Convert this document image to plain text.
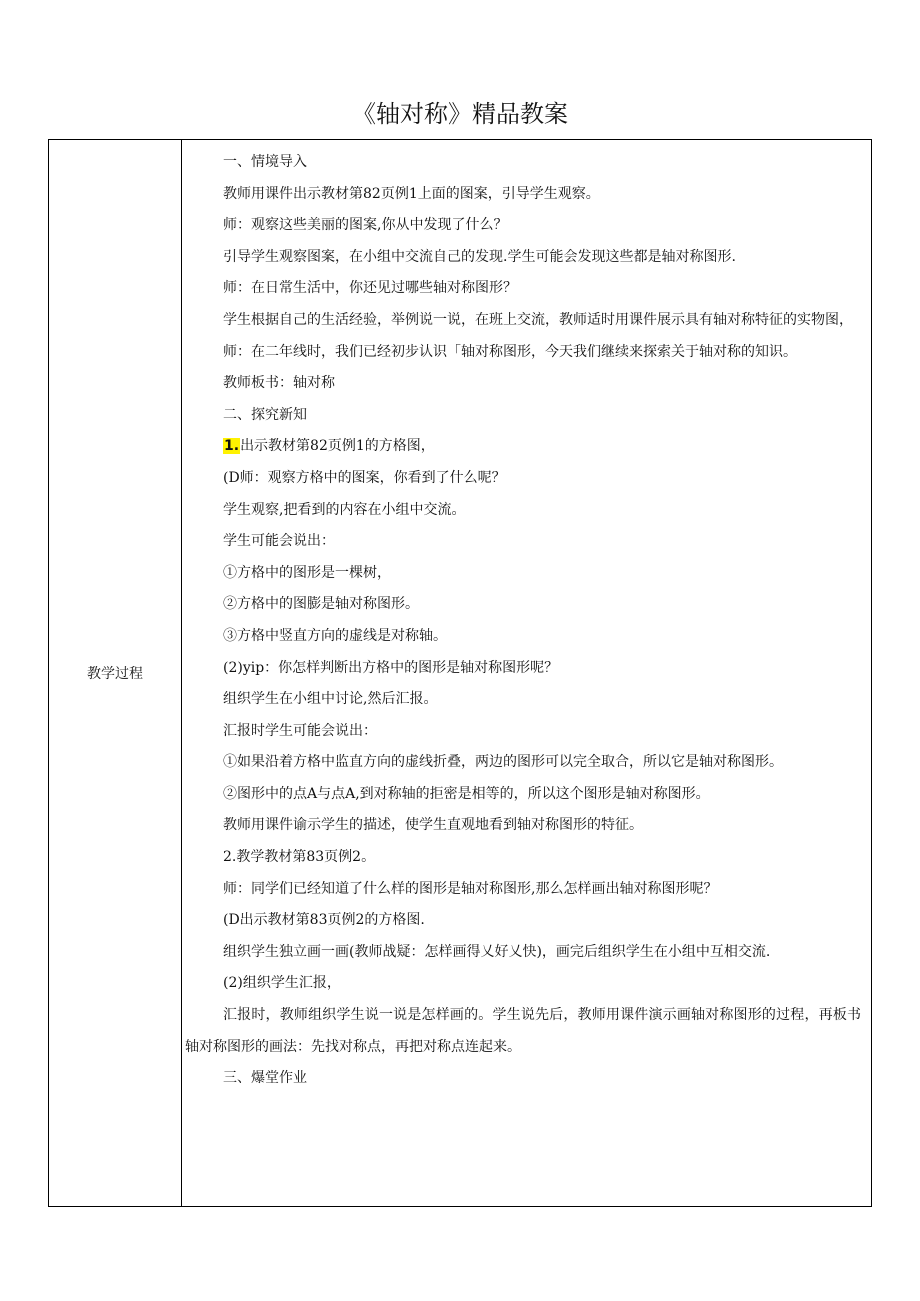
《轴对称》精品教案
教学过程

一、情境导入

教师用课件出示教材第82页例1上面的图案，引导学生观察。

师：观察这些美丽的图案,你从中发现了什么？

引导学生观察图案，在小组中交流自己的发现.学生可能会发现这些都是轴对称图形.

师：在日常生活中，你还见过哪些轴对称图形？

学生根据自己的生活经验，举例说一说，在班上交流，教师适时用课件展示具有轴对称特征的实物图，

师：在二年线时，我们已经初步认识「轴对称图形，今天我们继续来探索关于轴对称的知识。

教师板书：轴对称

二、探究新知

1.出示教材第82页例1的方格图，

(D师：观察方格中的图案，你看到了什么呢？

学生观察,把看到的内容在小组中交流。

学生可能会说出：

①方格中的图形是一棵树，

②方格中的图膨是轴对称图形。

③方格中竖直方向的虚线是对称轴。

(2)yip：你怎样判断出方格中的图形是轴对称图形呢？

组织学生在小组中讨论,然后汇报。

汇报时学生可能会说出：

①如果沿着方格中监直方向的虚线折叠，两边的图形可以完全取合，所以它是轴对称图形。

②图形中的点A与点A,到对称轴的拒密是相等的，所以这个图形是轴对称图形。

教师用课件谕示学生的描述，使学生直观地看到轴对称图形的特征。

2.教学教材第83页例2。

师：同学们已经知道了什么样的图形是轴对称图形,那么怎样画出轴对称图形呢？

(D出示教材第83页例2的方格图.

组织学生独立画一画(教师战疑：怎样画得乂好乂快)，画完后组织学生在小组中互相交流.

(2)组织学生汇报，

汇报时，教师组织学生说一说是怎样画的。学生说先后，教师用课件演示画轴对称图形的过程，再板书轴对称图形的画法：先找对称点，再把对称点连起来。

三、爆堂作业
